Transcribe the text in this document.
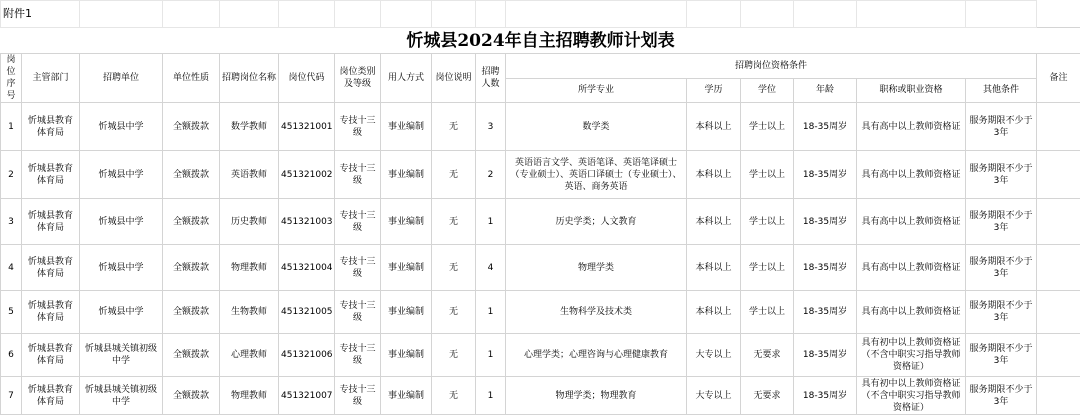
附件1																
忻城县2024年自主招聘教师计划表																
岗位序号	主管部门	招聘单位	单位性质	招聘岗位名称	岗位代码	岗位类别及等级	用人方式	岗位说明	招聘人数	招聘岗位资格条件						备注
										所学专业	学历	学位	年龄	职称或职业资格	其他条件	
1	忻城县教育体育局	忻城县中学	全额拨款	数学教师	451321001	专技十三级	事业编制	无	3	数学类	本科以上	学士以上	18-35周岁	具有高中以上教师资格证	服务期限不少于3年	
2	忻城县教育体育局	忻城县中学	全额拨款	英语教师	451321002	专技十三级	事业编制	无	2	英语语言文学、英语笔译、英语笔译硕士（专业硕士）、英语口译硕士（专业硕士）、英语、商务英语	本科以上	学士以上	18-35周岁	具有高中以上教师资格证	服务期限不少于3年	
3	忻城县教育体育局	忻城县中学	全额拨款	历史教师	451321003	专技十三级	事业编制	无	1	历史学类；人文教育	本科以上	学士以上	18-35周岁	具有高中以上教师资格证	服务期限不少于3年	
4	忻城县教育体育局	忻城县中学	全额拨款	物理教师	451321004	专技十三级	事业编制	无	4	物理学类	本科以上	学士以上	18-35周岁	具有高中以上教师资格证	服务期限不少于3年	
5	忻城县教育体育局	忻城县中学	全额拨款	生物教师	451321005	专技十三级	事业编制	无	1	生物科学及技术类	本科以上	学士以上	18-35周岁	具有高中以上教师资格证	服务期限不少于3年	
6	忻城县教育体育局	忻城县城关镇初级中学	全额拨款	心理教师	451321006	专技十三级	事业编制	无	1	心理学类；心理咨询与心理健康教育	大专以上	无要求	18-35周岁	具有初中以上教师资格证（不含中职实习指导教师资格证）	服务期限不少于3年	
7	忻城县教育体育局	忻城县城关镇初级中学	全额拨款	物理教师	451321007	专技十三级	事业编制	无	1	物理学类；物理教育	大专以上	无要求	18-35周岁	具有初中以上教师资格证（不含中职实习指导教师资格证）	服务期限不少于3年	
